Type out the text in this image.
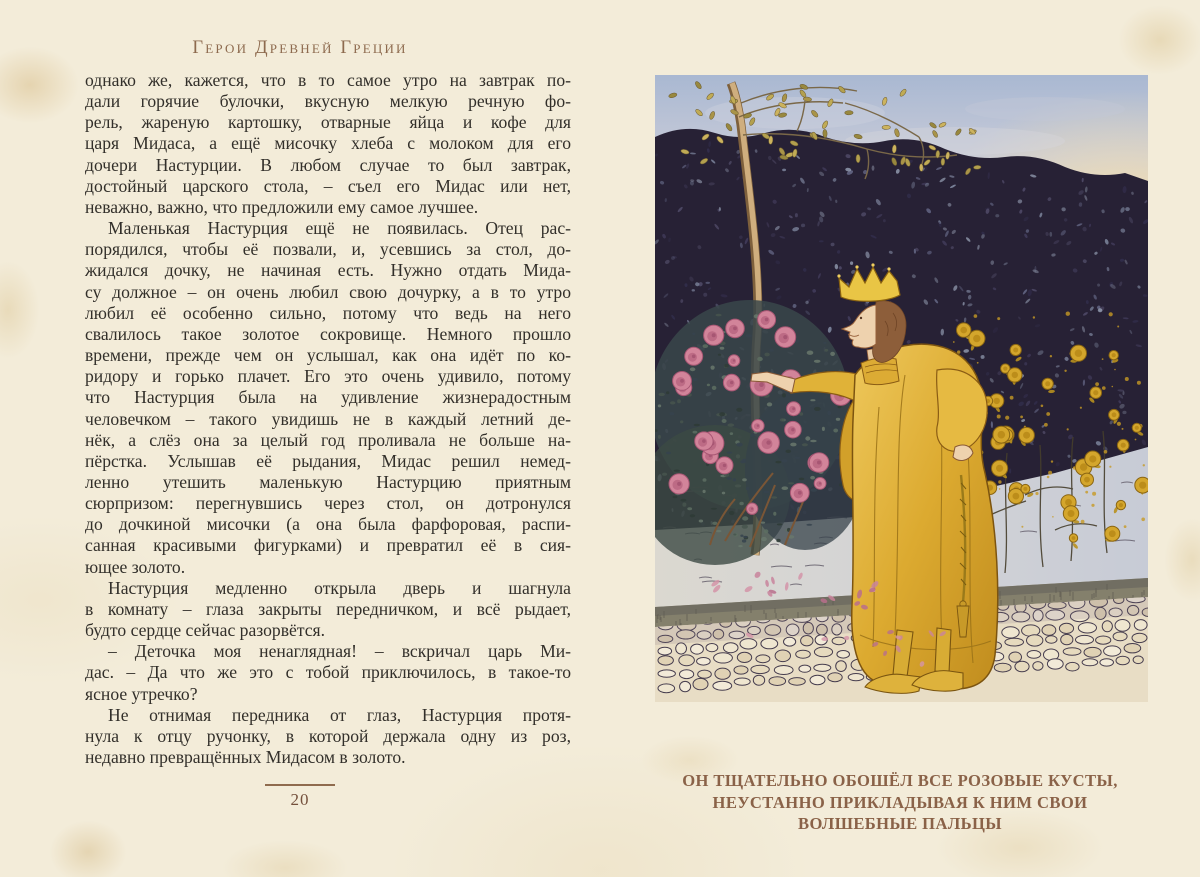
Герои Древней Греции
однако же, кажется, что в то самое утро на завтрак по-
дали горячие булочки, вкусную мелкую речную фо-
рель, жареную картошку, отварные яйца и кофе для
царя Мидаса, а ещё мисочку хлеба с молоком для его
дочери Настурции. В любом случае то был завтрак,
достойный царского стола, – съел его Мидас или нет,
неважно, важно, что предложили ему самое лучшее.
Маленькая Настурция ещё не появилась. Отец рас-
порядился, чтобы её позвали, и, усевшись за стол, до-
жидался дочку, не начиная есть. Нужно отдать Мида-
су должное – он очень любил свою дочурку, а в то утро
любил её особенно сильно, потому что ведь на него
свалилось такое золотое сокровище. Немного прошло
времени, прежде чем он услышал, как она идёт по ко-
ридору и горько плачет. Его это очень удивило, потому
что Настурция была на удивление жизнерадостным
человечком – такого увидишь не в каждый летний де-
нёк, а слёз она за целый год проливала не больше на-
пёрстка. Услышав её рыдания, Мидас решил немед-
ленно утешить маленькую Настурцию приятным
сюрпризом: перегнувшись через стол, он дотронулся
до дочкиной мисочки (а она была фарфоровая, распи-
санная красивыми фигурками) и превратил её в сия-
ющее золото.
Настурция медленно открыла дверь и шагнула
в комнату – глаза закрыты передничком, и всё рыдает,
будто сердце сейчас разорвётся.
– Деточка моя ненаглядная! – вскричал царь Ми-
дас. – Да что же это с тобой приключилось, в такое-то
ясное утречко?
Не отнимая передника от глаз, Настурция протя-
нула к отцу ручонку, в которой держала одну из роз,
недавно превращённых Мидасом в золото.
20
ОН ТЩАТЕЛЬНО ОБОШЁЛ ВСЕ РОЗОВЫЕ КУСТЫ,
НЕУСТАННО ПРИКЛАДЫВАЯ К НИМ СВОИ
ВОЛШЕБНЫЕ ПАЛЬЦЫ
